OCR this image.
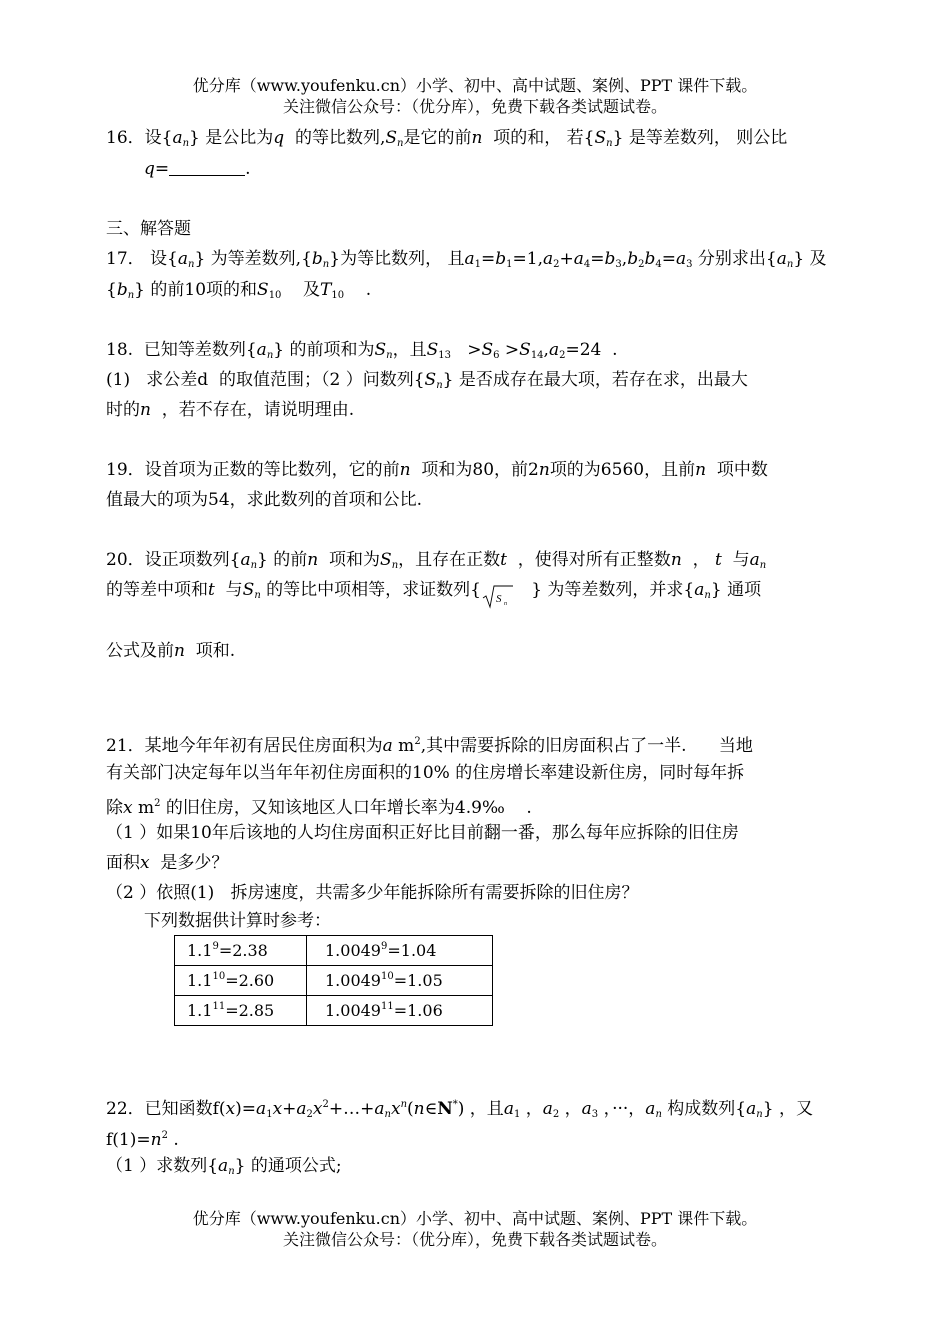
优分库（www.youfenku.cn）小学、初中、高中试题、案例、PPT 课件下载。
关注微信公众号：（优分库），免费下载各类试题试卷。
16．设$\{a_n\}$ 是公比为q  的等比数列$,S_n$是它的前n  项的和， 若$\{S_n\}$ 是等差数列， 则公比
q=	.
三、解答题
17． 设$\{a_n\}$ 为等差数列$,\{b_n\}$为等比数列， 且$a_1=b_1=1,a_2+a_4=b_3,b_2b_4=a_3$ 分别求出$\{a_n\}$ 及
$\{b_n\}$ 的前10项的和$S_{10}$    及$T_{10}$    .
18.  已知等差数列$\{a_n\}$ 的前项和为$S_n$，且$S_{13} >S_6 >S_{14},a_2=24$  .
(1)   求公差d  的取值范围；（2 ）问数列$\{S_n\}$ 是否成存在最大项，若存在求，出最大
时的n  ，若不存在，请说明理由.
19．设首项为正数的等比数列，它的前n  项和为80，前2n项的为6560，且前n  项中数
值最大的项为54，求此数列的首项和公比.
20．设正项数列$\{a_n\}$ 的前n  项和为$S_n$，且存在正数t  ，使得对所有正整数n  ， t  与$a_n$
的等差中项和t  与$S_n$ 的等比中项相等，求证数列{ S n
} 为等差数列，并求$\{a_n\}$ 通项
公式及前n  项和.
21．某地今年年初有居民住房面积为a $m^2$,其中需要拆除的旧房面积占了一半.      当地
有关部门决定每年以当年年初住房面积的10% 的住房增长率建设新住房，同时每年拆
除x $m^2$ 的旧住房，又知该地区人口年增长率为4.9‰    .
（1 ）如果10年后该地的人均住房面积正好比目前翻一番，那么每年应拆除的旧住房
面积x  是多少？
（2 ）依照(1)   拆房速度，共需多少年能拆除所有需要拆除的旧住房？
下列数据供计算时参考：
$1.1^9=2.38$	$1.0049^9=1.04$
$1.1^{10}=2.60$	$1.0049^{10}=1.05$
$1.1^{11}=2.85$	$1.0049^{11}=1.06$
22．已知函数$f(x)=a_1x+a_2x^2+\dots+a_nx^n(n\in N^*)$ ，且$a_1$ ，$a_2$ ，$a_3$ ，···，$a_n$ 构成数列$\{a_n\}$ ，又
$f(1)=n^2$ .
（1 ）求数列$\{a_n\}$ 的通项公式;
优分库（www.youfenku.cn）小学、初中、高中试题、案例、PPT 课件下载。
关注微信公众号：（优分库），免费下载各类试题试卷。
